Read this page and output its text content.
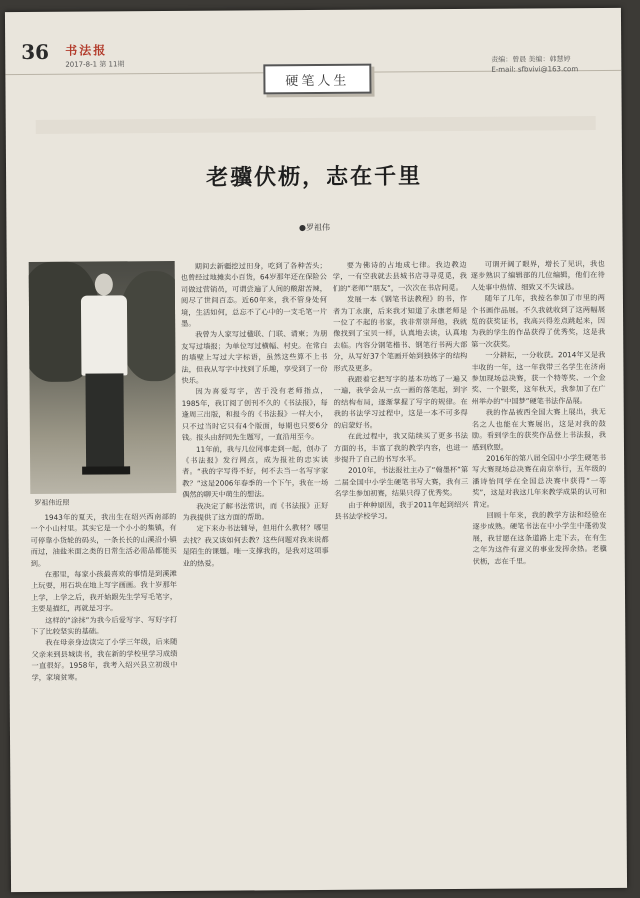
36 书法报
2017-8-1 第 11期
责编：曾晨 美编：韩慧婷
E-mail: sfbvivi@163.com
硬笔人生
老骥伏枥，志在千里
●罗祖伟
罗祖伟近照

1943年的夏天，我出生在绍兴西南部的一个小山村里。其实它是一个小小的集镇，有可停靠小货轮的码头，一条长长的山溪沿小镇而过，油盐米面之类的日常生活必需品都能买到。

在那里，每家小孩最喜欢的事情是到溪滩上玩耍，用石块在地上写字画画。我十岁那年上学，上学之后，我开始跟先生学写毛笔字，主要是描红，再就是习字。

这样的“涂抹”为我今后爱写字、写好字打下了比较坚实的基础。

我在母亲身边读完了小学三年级，后来随父亲来到县城读书，我在新的学校里学习成绩一直很好。1958年，我考入绍兴县立初级中学，家境贫寒。

期间去新疆挖过田身，吃到了各种苦头；也曾经过地摊卖小百货，64岁那年还在保险公司做过营销员，可谓尝遍了人间的酸甜苦辣，阅尽了世间百态。近60年来，我不管身处何境，生活如何，总忘不了心中的一支毛笔一片墨。

我曾为人家写过楹联、门联、请柬；为朋友写过墙报；为单位写过横幅、村史。在常白的墙壁上写过大字标语，虽然这些算不上书法，但我从写字中找到了乐趣，享受到了一份快乐。

因为喜爱写字，苦于没有老师指点，1985年，我订阅了创刊不久的《书法报》，每逢周三出版，和报今的《书法报》一样大小，只不过当时它只有4个版面，每期也只要6分钱。报头由舒同先生题写，一直沿用至今。

11年前，我与几位同事走到一起，创办了《书法报》发行网点，成为报社的忠实读者。“我的字写得不好，何不去当一名写字家教？”这是2006年春季的一个下午，我在一场偶然的聊天中萌生的想法。

我决定了解书法常识，而《书法报》正好为我提供了这方面的帮助。

定下来办书法辅导，但用什么教材？哪里去找？我又该如何去教？这些问题对我来说都是陌生的课题。唯一支撑我的，是我对这项事业的热爱。

要为佛诗的占地成七律。我边教边学，一有空我就去县城书店寻寻觅觅，我们的“老师”“朋友”，一次次在书店间觅。

发展一本《钢笔书法教程》的书，作者为丁永康，后来我才知道了永康老师是一位了不起的书家，我非常崇拜他，我就像找到了宝贝一样，认真地去读，认真地去临。内容分钢笔楷书、钢笔行书两大部分，从写好37个笔画开始到独体字的结构形式及更多。

我跟着它把写字的基本功练了一遍又一遍，我学会从一点一画的落笔起，到字的结构布局，逐渐掌握了写字的规律。在我的书法学习过程中，这是一本不可多得的启蒙好书。

在此过程中，我又陆续买了更多书法方面的书，丰富了我的教学内容，也进一步提升了自己的书写水平。

2010年，书法报社主办了“翰墨杯”第二届全国中小学生硬笔书写大赛，我有三名学生参加初赛，结果只得了优秀奖。

由于种种原因，我于2011年起到绍兴县书法学校学习。

可谓开阔了眼界，增长了见识，我也逐步熟识了编辑部的几位编辑，他们在待人处事中热情、细致又不失诚恳。

随年了几年，我按名参加了市里的两个书画作品展。不久我就收到了这两幅展览的获奖证书，我高兴得差点跳起来，因为我的学生的作品获得了优秀奖，这是我第一次获奖。

一分耕耘，一分收获。2014年又是我丰收的一年，这一年我带三名学生在济南参加现场总决赛，获一个特等奖、一个金奖、一个银奖，这年秋天，我参加了在广州举办的“中国梦”硬笔书法作品展。

我的作品被西全国大赛上展出，我无名之人也能在大赛展出，这是对我的鼓励。看到学生的获奖作品登上书法报，我感到欣慰。

2016年的第八届全国中小学生硬笔书写大赛现场总决赛在南京举行，五年级的潘诗怡同学在全国总决赛中获得“一等奖”，这是对我这几年来教学成果的认可和肯定。

回顾十年来，我的教学方法和经验在逐步成熟。硬笔书法在中小学生中蓬勃发展，我甘愿在这条道路上走下去，在有生之年为这件有意义的事业发挥余热。老骥伏枥，志在千里。
